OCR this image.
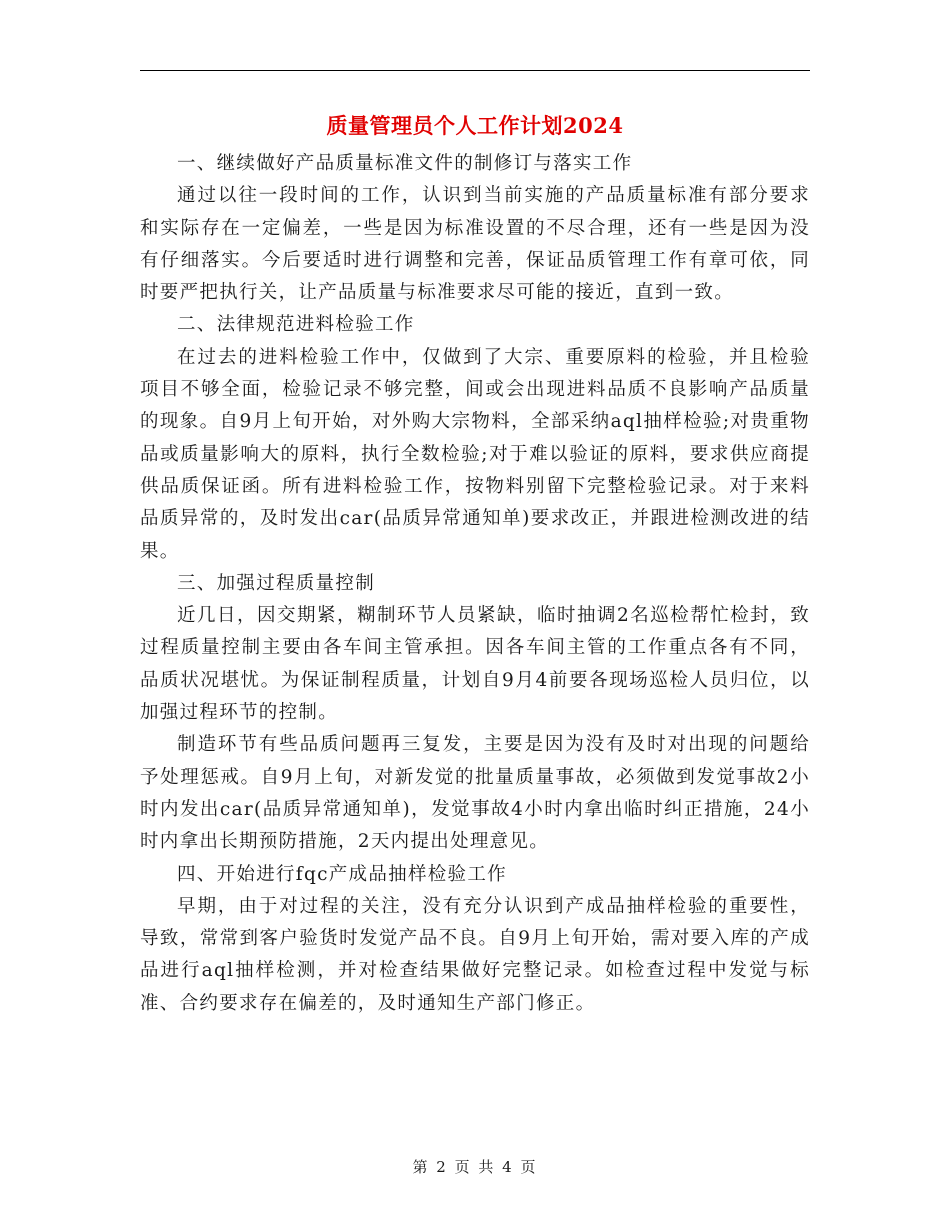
质量管理员个人工作计划2024

一、继续做好产品质量标准文件的制修订与落实工作

通过以往一段时间的工作，认识到当前实施的产品质量标准有部分要求和实际存在一定偏差，一些是因为标准设置的不尽合理，还有一些是因为没有仔细落实。今后要适时进行调整和完善，保证品质管理工作有章可依，同时要严把执行关，让产品质量与标准要求尽可能的接近，直到一致。

二、法律规范进料检验工作

在过去的进料检验工作中，仅做到了大宗、重要原料的检验，并且检验项目不够全面，检验记录不够完整，间或会出现进料品质不良影响产品质量的现象。自9月上旬开始，对外购大宗物料，全部采纳aql抽样检验;对贵重物品或质量影响大的原料，执行全数检验;对于难以验证的原料，要求供应商提供品质保证函。所有进料检验工作，按物料别留下完整检验记录。对于来料品质异常的，及时发出car(品质异常通知单)要求改正，并跟进检测改进的结果。

三、加强过程质量控制

近几日，因交期紧，糊制环节人员紧缺，临时抽调2名巡检帮忙检封，致过程质量控制主要由各车间主管承担。因各车间主管的工作重点各有不同，品质状况堪忧。为保证制程质量，计划自9月4前要各现场巡检人员归位，以加强过程环节的控制。

制造环节有些品质问题再三复发，主要是因为没有及时对出现的问题给予处理惩戒。自9月上旬，对新发觉的批量质量事故，必须做到发觉事故2小时内发出car(品质异常通知单)，发觉事故4小时内拿出临时纠正措施，24小时内拿出长期预防措施，2天内提出处理意见。

四、开始进行fqc产成品抽样检验工作

早期，由于对过程的关注，没有充分认识到产成品抽样检验的重要性，导致，常常到客户验货时发觉产品不良。自9月上旬开始，需对要入库的产成品进行aql抽样检测，并对检查结果做好完整记录。如检查过程中发觉与标准、合约要求存在偏差的，及时通知生产部门修正。

第 2 页 共 4 页
